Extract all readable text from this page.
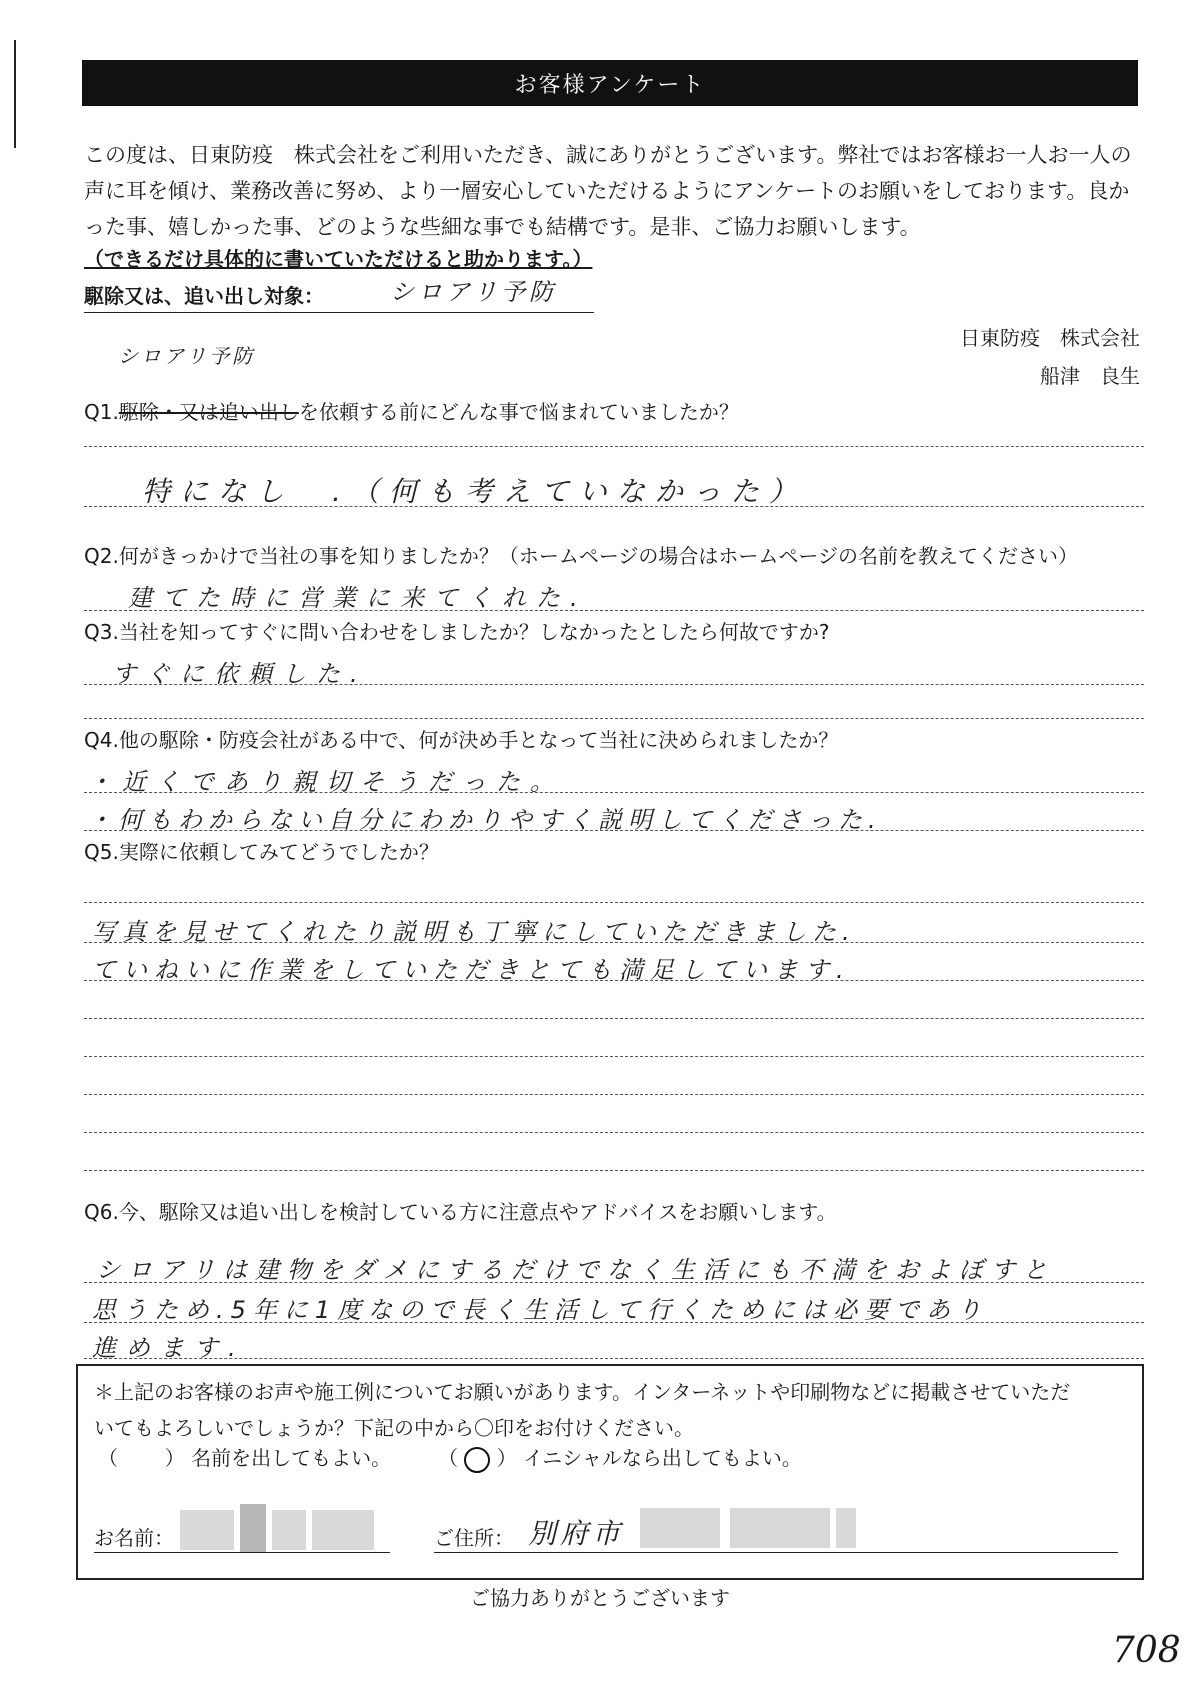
お客様アンケート

この度は、日東防疫　株式会社をご利用いただき、誠にありがとうございます。弊社ではお客様お一人お一人の

声に耳を傾け、業務改善に努め、より一層安心していただけるようにアンケートのお願いをしております。良か

った事、嬉しかった事、どのような些細な事でも結構です。是非、ご協力お願いします。

（できるだけ具体的に書いていただけると助かります。）
駆除又は、追い出し対象：	シロアリ予防
日東防疫　株式会社
船津　良生
シロアリ予防
Q1.駆除・又は追い出しを依頼する前にどんな事で悩まれていましたか？
特になし　.（何も考えていなかった）
Q2.何がきっかけで当社の事を知りましたか？（ホームページの場合はホームページの名前を教えてください）
建てた時に営業に来てくれた.
Q3.当社を知ってすぐに問い合わせをしましたか？しなかったとしたら何故ですか?
すぐに依頼した.
Q4.他の駆除・防疫会社がある中で、何が決め手となって当社に決められましたか？
・近くであり親切そうだった。
・何もわからない自分にわかりやすく説明してくださった.
Q5.実際に依頼してみてどうでしたか？
写真を見せてくれたり説明も丁寧にしていただきました.
ていねいに作業をしていただきとても満足しています.
Q6.今、駆除又は追い出しを検討している方に注意点やアドバイスをお願いします。
シロアリは建物をダメにするだけでなく生活にも不満をおよぼすと
思うため.5年に1度なので長く生活して行くためには必要であり
進めます.

＊上記のお客様のお声や施工例についてお願いがあります。インターネットや印刷物などに掲載させていただ

いてもよろしいでしょうか？下記の中から〇印をお付けください。

（ ） 名前を出してもよい。 （ ○ ） イニシャルなら出してもよい。
お名前：	ご住所： 別府市
ご協力ありがとうございます
708
